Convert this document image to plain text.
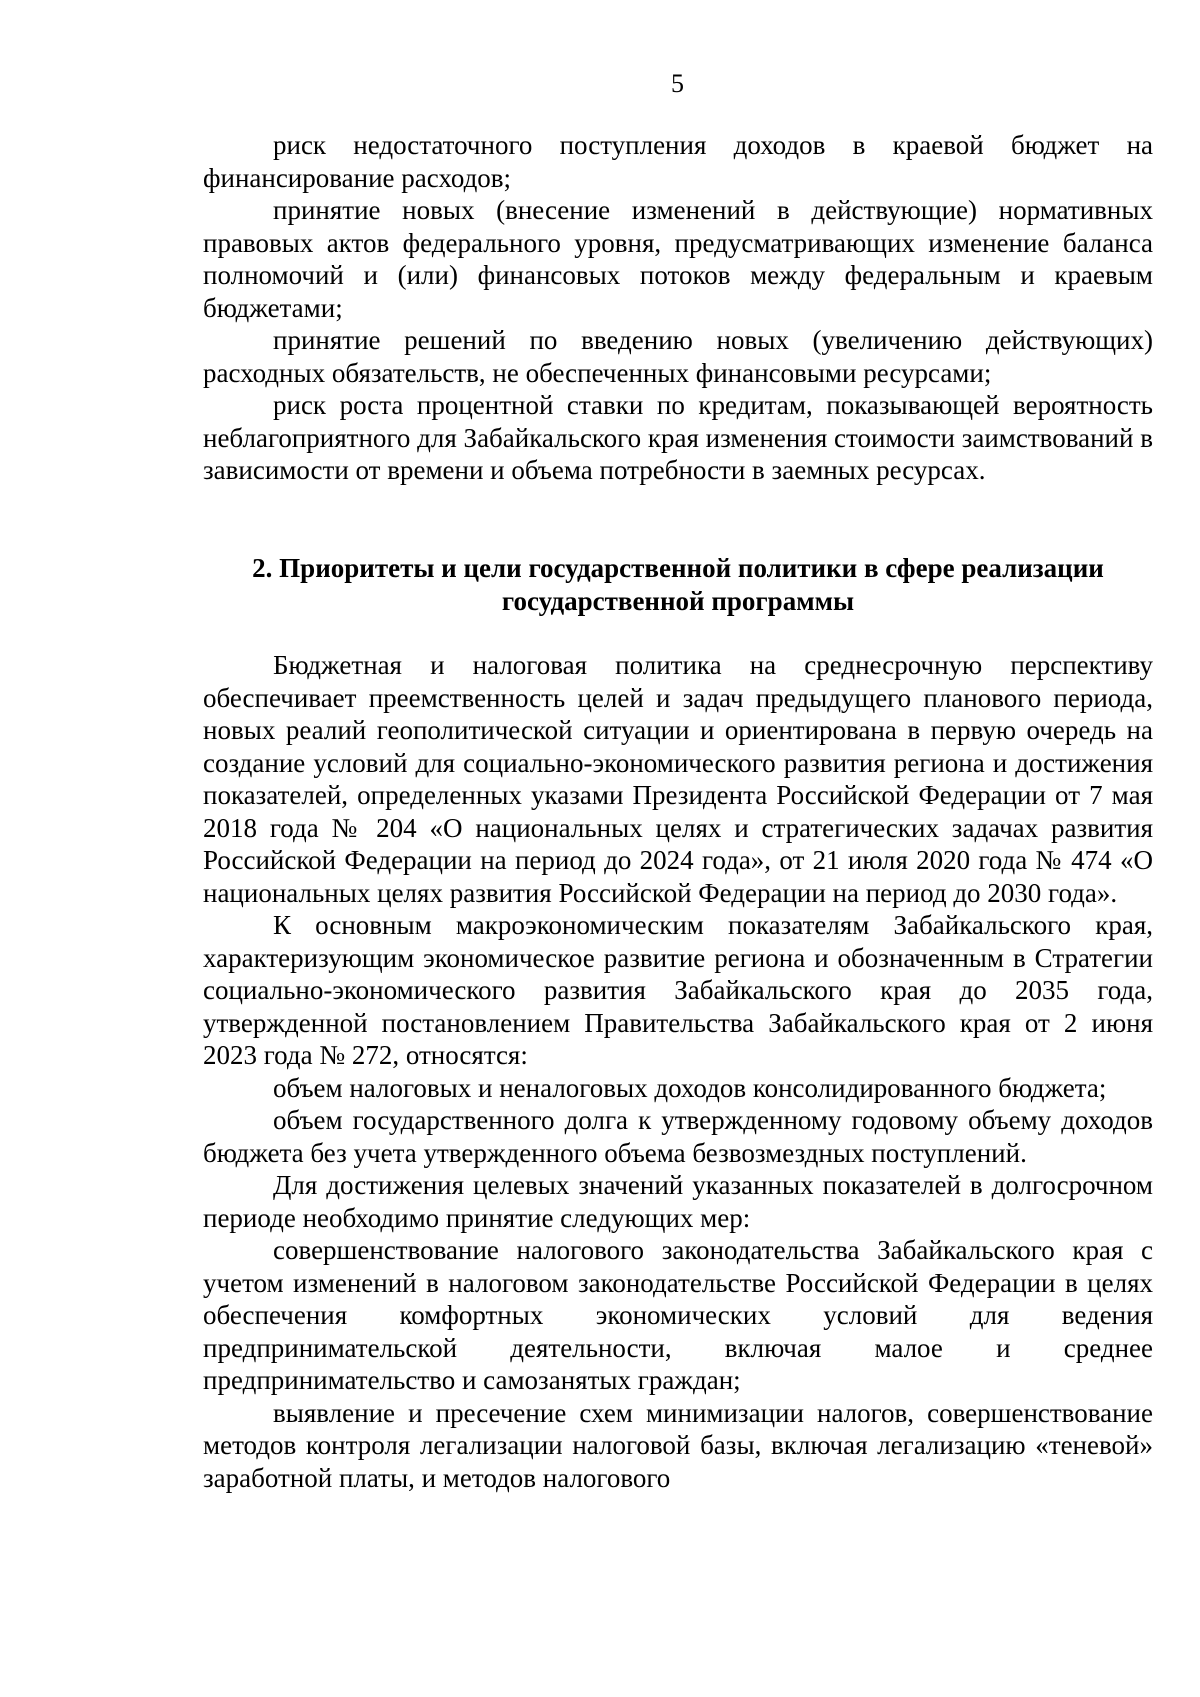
5

риск недостаточного поступления доходов в краевой бюджет на финансирование расходов;

принятие новых (внесение изменений в действующие) нормативных правовых актов федерального уровня, предусматривающих изменение баланса полномочий и (или) финансовых потоков между федеральным и краевым бюджетами;

принятие решений по введению новых (увеличению действующих) расходных обязательств, не обеспеченных финансовыми ресурсами;

риск роста процентной ставки по кредитам, показывающей вероятность неблагоприятного для Забайкальского края изменения стоимости заимствований в зависимости от времени и объема потребности в заемных ресурсах.

2. Приоритеты и цели государственной политики в сфере реализации
государственной программы

Бюджетная и налоговая политика на среднесрочную перспективу обеспечивает преемственность целей и задач предыдущего планового периода, новых реалий геополитической ситуации и ориентирована в первую очередь на создание условий для социально-экономического развития региона и достижения показателей, определенных указами Президента Российской Федерации от 7 мая 2018 года № 204 «О национальных целях и стратегических задачах развития Российской Федерации на период до 2024 года», от 21 июля 2020 года № 474 «О национальных целях развития Российской Федерации на период до 2030 года».

К основным макроэкономическим показателям Забайкальского края, характеризующим экономическое развитие региона и обозначенным в Стратегии социально-экономического развития Забайкальского края до 2035 года, утвержденной постановлением Правительства Забайкальского края от 2 июня 2023 года № 272, относятся:

объем налоговых и неналоговых доходов консолидированного бюджета;

объем государственного долга к утвержденному годовому объему доходов бюджета без учета утвержденного объема безвозмездных поступлений.

Для достижения целевых значений указанных показателей в долгосрочном периоде необходимо принятие следующих мер:

совершенствование налогового законодательства Забайкальского края с учетом изменений в налоговом законодательстве Российской Федерации в целях обеспечения комфортных экономических условий для ведения предпринимательской деятельности, включая малое и среднее предпринимательство и самозанятых граждан;

выявление и пресечение схем минимизации налогов, совершенствование методов контроля легализации налоговой базы, включая легализацию «теневой» заработной платы, и методов налогового
